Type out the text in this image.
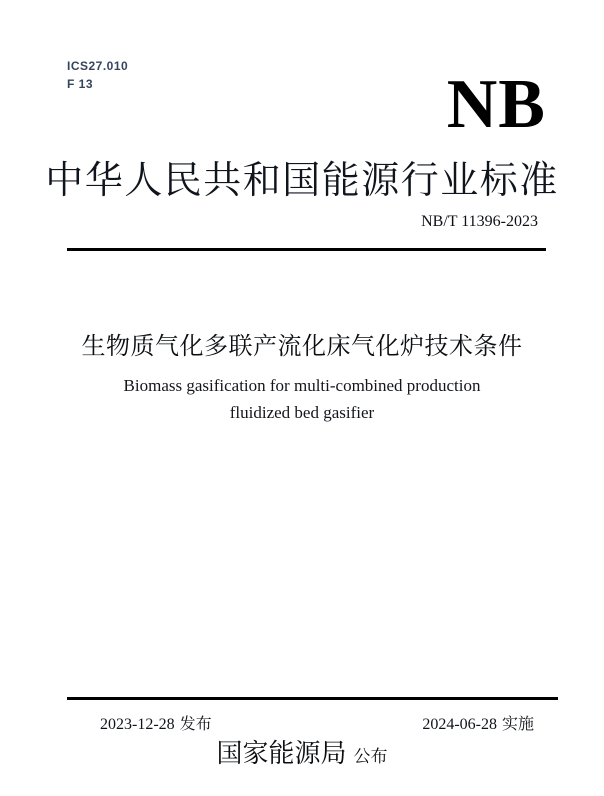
ICS27.010
F 13	NB
中华人民共和国能源行业标准
NB/T 11396-2023
生物质气化多联产流化床气化炉技术条件
Biomass gasification for multi-combined production
fluidized bed gasifier
2023-12-28 发布	2024-06-28 实施
国家能源局 公布
